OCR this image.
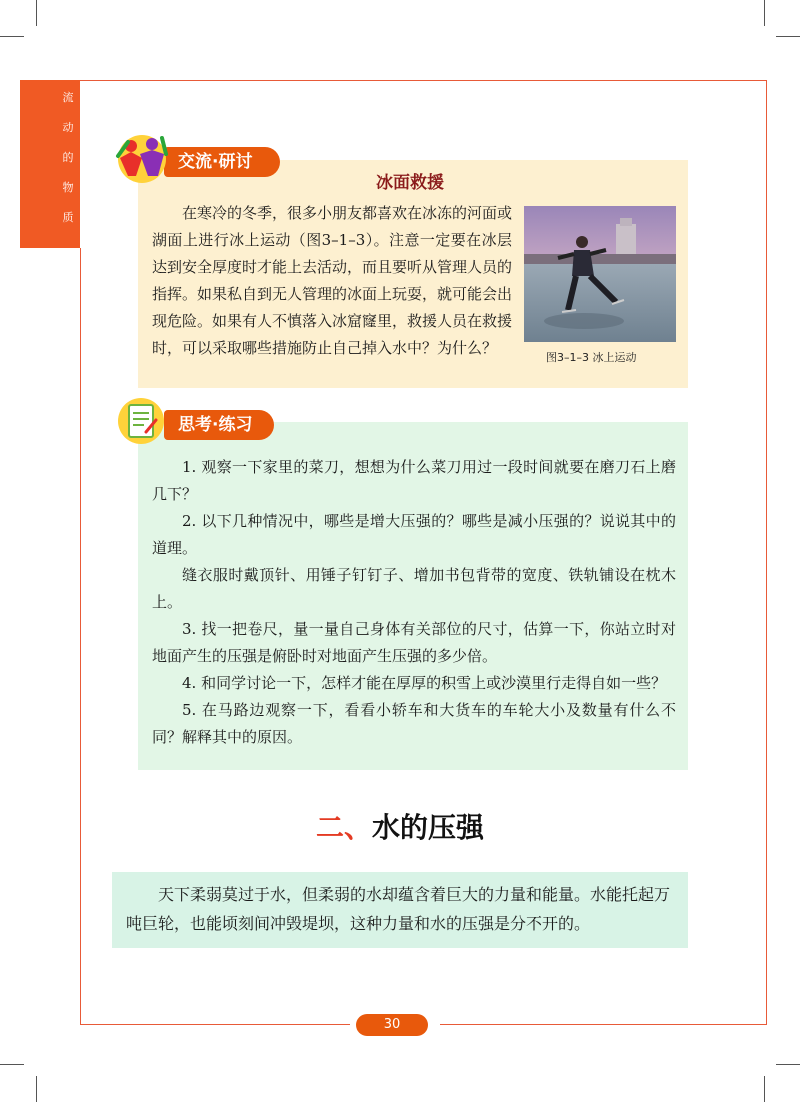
流
动
的
物
质
交流·研讨
冰面救援
在寒冷的冬季，很多小朋友都喜欢在冰冻的河面或湖面上进行冰上运动（图3–1–3）。注意一定要在冰层达到安全厚度时才能上去活动，而且要听从管理人员的指挥。如果私自到无人管理的冰面上玩耍，就可能会出现危险。如果有人不慎落入冰窟窿里，救援人员在救援时，可以采取哪些措施防止自己掉入水中？为什么？
图3–1–3 冰上运动
思考·练习

1. 观察一下家里的菜刀，想想为什么菜刀用过一段时间就要在磨刀石上磨几下？

2. 以下几种情况中，哪些是增大压强的？哪些是减小压强的？说说其中的道理。

缝衣服时戴顶针、用锤子钉钉子、增加书包背带的宽度、铁轨铺设在枕木上。

3. 找一把卷尺，量一量自己身体有关部位的尺寸，估算一下，你站立时对地面产生的压强是俯卧时对地面产生压强的多少倍。

4. 和同学讨论一下，怎样才能在厚厚的积雪上或沙漠里行走得自如一些？

5. 在马路边观察一下，看看小轿车和大货车的车轮大小及数量有什么不同？解释其中的原因。

二、水的压强
天下柔弱莫过于水，但柔弱的水却蕴含着巨大的力量和能量。水能托起万吨巨轮，也能顷刻间冲毁堤坝，这种力量和水的压强是分不开的。
30
